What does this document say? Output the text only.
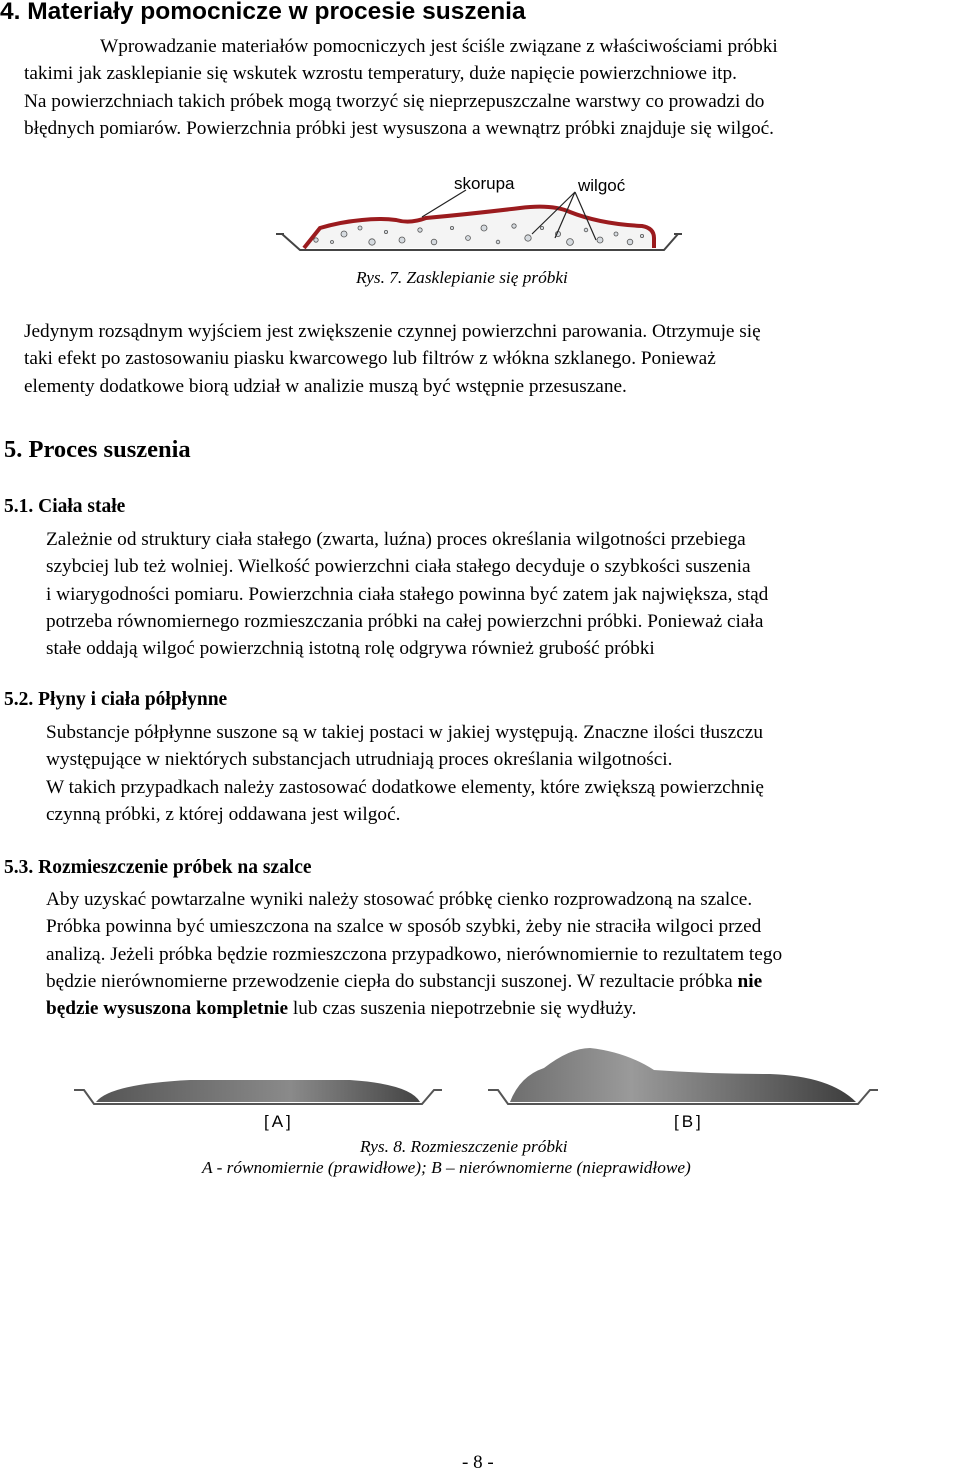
4. Materiały pomocnicze w procesie suszenia
Wprowadzanie materiałów pomocniczych jest ściśle związane z właściwościami próbki
takimi jak zasklepianie się wskutek wzrostu temperatury, duże napięcie powierzchniowe itp.
Na powierzchniach takich próbek mogą tworzyć się nieprzepuszczalne warstwy co prowadzi do
błędnych pomiarów. Powierzchnia próbki jest wysuszona a wewnątrz próbki znajduje się wilgoć.
skorupa	wilgoć
Rys. 7. Zasklepianie się próbki
Jedynym rozsądnym wyjściem jest zwiększenie czynnej powierzchni parowania. Otrzymuje się
taki efekt po zastosowaniu piasku kwarcowego lub filtrów z włókna szklanego. Ponieważ
elementy dodatkowe biorą udział w analizie muszą być wstępnie przesuszane.
5. Proces suszenia
5.1. Ciała stałe
Zależnie od struktury ciała stałego (zwarta, luźna) proces określania wilgotności przebiega
szybciej lub też wolniej. Wielkość powierzchni ciała stałego decyduje o szybkości suszenia
i wiarygodności pomiaru. Powierzchnia ciała stałego powinna być zatem jak największa, stąd
potrzeba równomiernego rozmieszczania próbki na całej powierzchni próbki. Ponieważ ciała
stałe oddają wilgoć powierzchnią istotną rolę odgrywa również grubość próbki
5.2. Płyny i ciała półpłynne
Substancje półpłynne suszone są w takiej postaci w jakiej występują. Znaczne ilości tłuszczu
występujące w niektórych substancjach utrudniają proces określania wilgotności.
W takich przypadkach należy zastosować dodatkowe elementy, które zwiększą powierzchnię
czynną próbki, z której oddawana jest wilgoć.
5.3. Rozmieszczenie próbek na szalce
Aby uzyskać powtarzalne wyniki należy stosować próbkę cienko rozprowadzoną na szalce.
Próbka powinna być umieszczona na szalce w sposób szybki, żeby nie straciła wilgoci przed
analizą. Jeżeli próbka będzie rozmieszczona przypadkowo, nierównomiernie to rezultatem tego
będzie nierównomierne przewodzenie ciepła do substancji suszonej. W rezultacie próbka nie
będzie wysuszona kompletnie lub czas suszenia niepotrzebnie się wydłuży.
[A]	[B]
Rys. 8. Rozmieszczenie próbki
A - równomiernie (prawidłowe); B – nierównomierne (nieprawidłowe)
- 8 -
